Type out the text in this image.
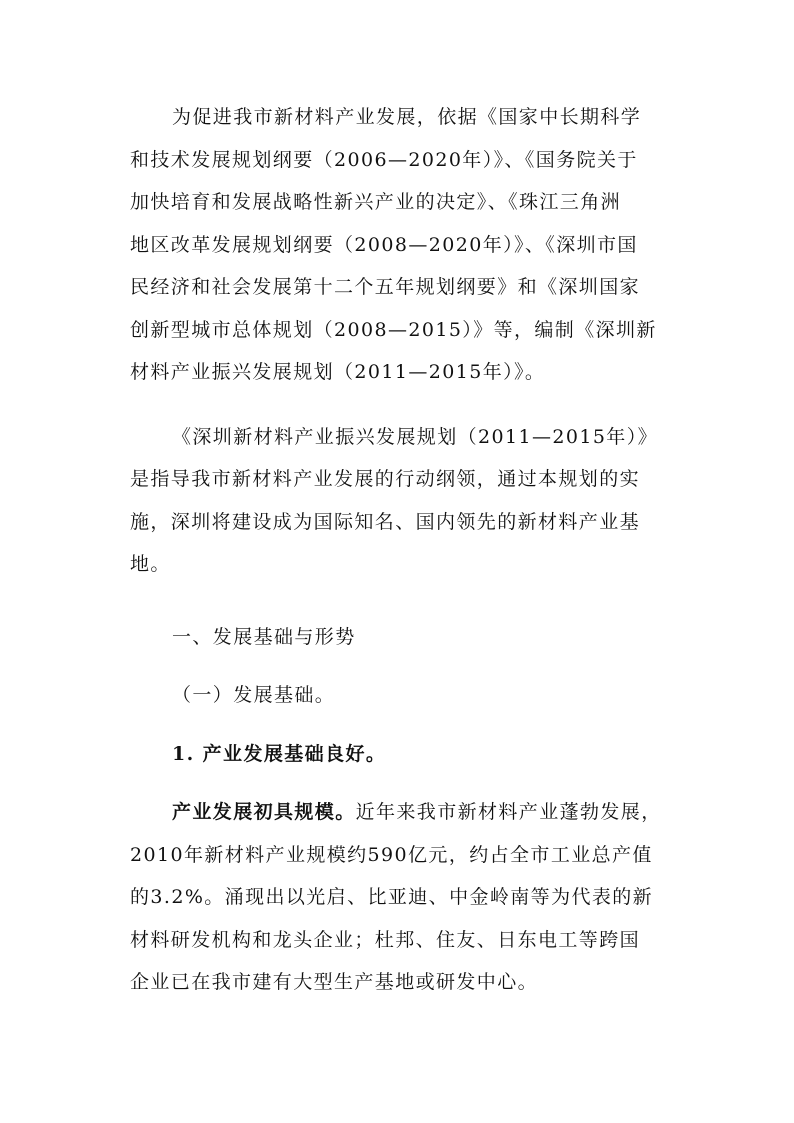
为促进我市新材料产业发展，依据《国家中长期科学
和技术发展规划纲要（2006—2020年）》、《国务院关于
加快培育和发展战略性新兴产业的决定》、《珠江三角洲
地区改革发展规划纲要（2008—2020年）》、《深圳市国
民经济和社会发展第十二个五年规划纲要》和《深圳国家
创新型城市总体规划（2008—2015）》等，编制《深圳新
材料产业振兴发展规划（2011—2015年）》。

《深圳新材料产业振兴发展规划（2011—2015年）》
是指导我市新材料产业发展的行动纲领，通过本规划的实
施，深圳将建设成为国际知名、国内领先的新材料产业基
地。

一、发展基础与形势

（一）发展基础。

1. 产业发展基础良好。

产业发展初具规模。近年来我市新材料产业蓬勃发展，
2010年新材料产业规模约590亿元，约占全市工业总产值
的3.2%。涌现出以光启、比亚迪、中金岭南等为代表的新
材料研发机构和龙头企业；杜邦、住友、日东电工等跨国
企业已在我市建有大型生产基地或研发中心。
